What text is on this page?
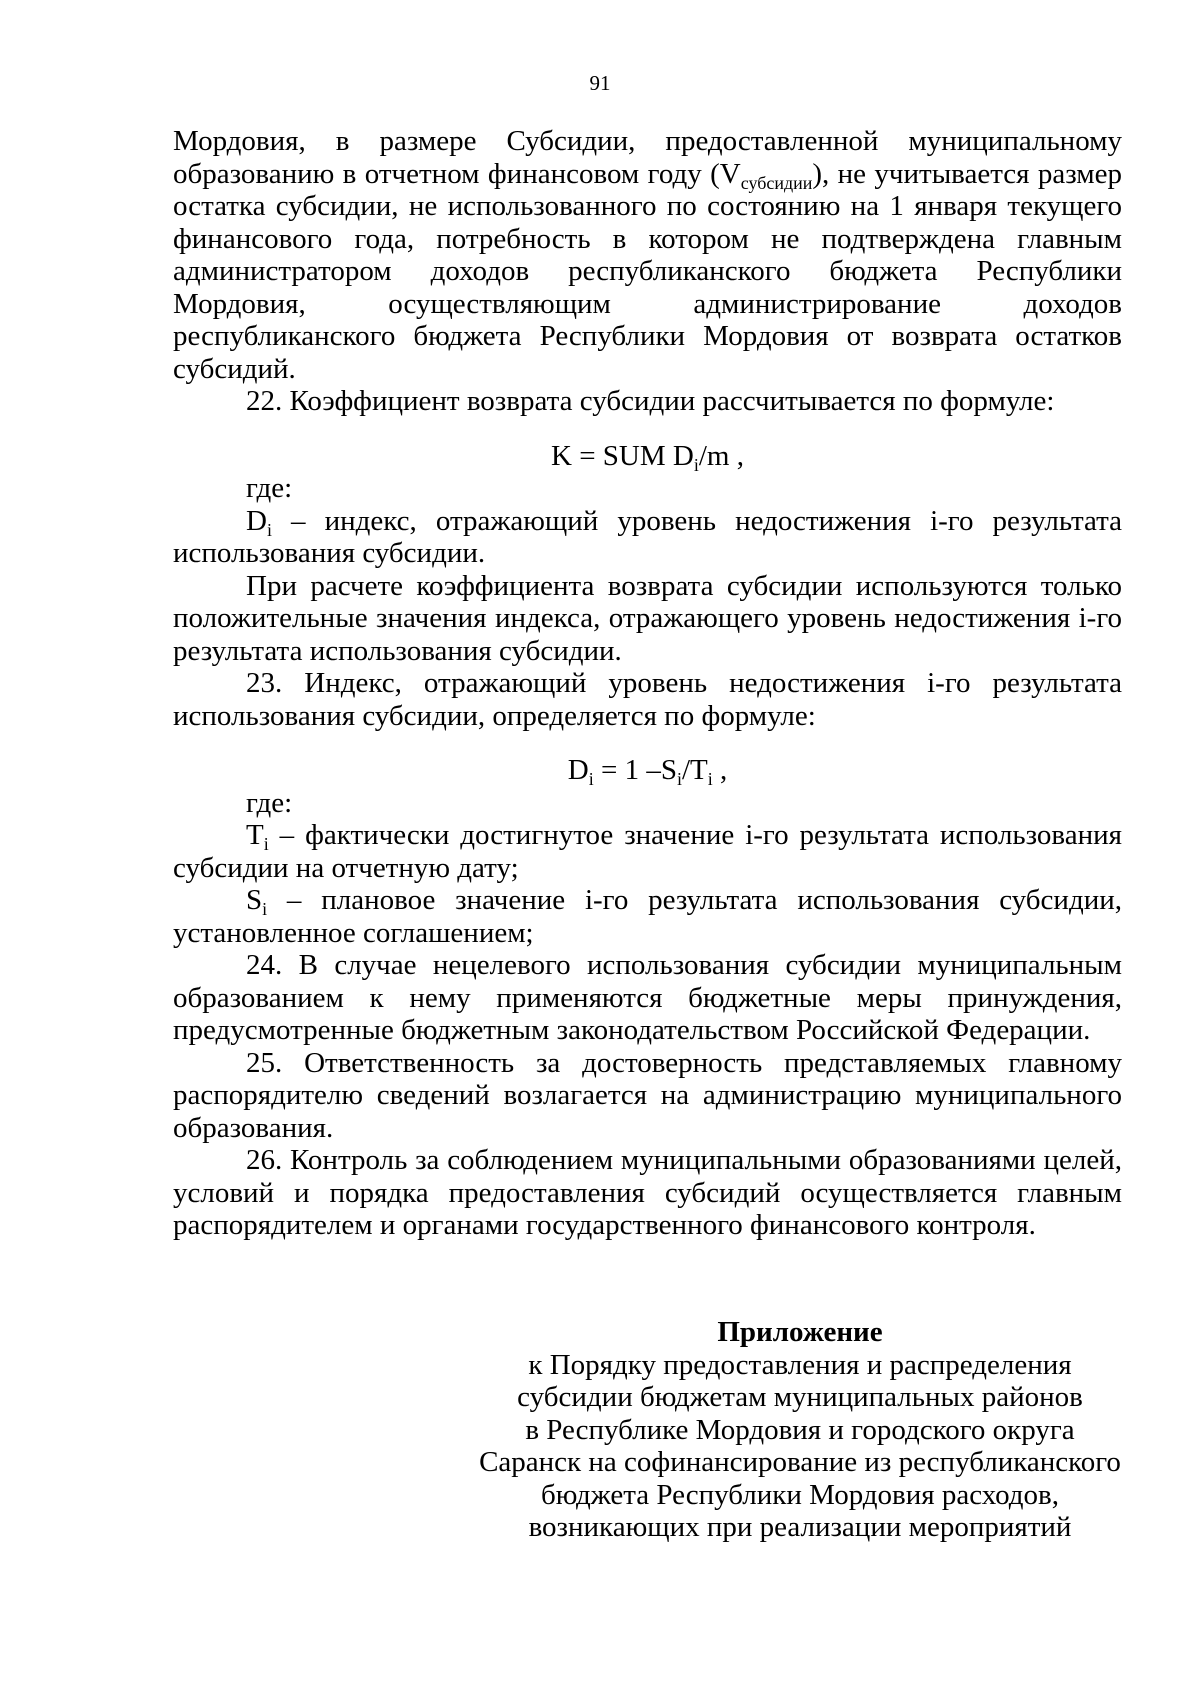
91

Мордовия, в размере Субсидии, предоставленной муниципальному образованию в отчетном финансовом году $(V_{субсидии})$, не учитывается размер остатка субсидии, не использованного по состоянию на 1 января текущего финансового года, потребность в котором не подтверждена главным администратором доходов республиканского бюджета Республики Мордовия, осуществляющим администрирование доходов республиканского бюджета Республики Мордовия от возврата остатков субсидий.

22. Коэффициент возврата субсидии рассчитывается по формуле:

K = SUM $D_i/m$ ,

где:

$D_i$ – индекс, отражающий уровень недостижения i-го результата использования субсидии.

При расчете коэффициента возврата субсидии используются только положительные значения индекса, отражающего уровень недостижения i-го результата использования субсидии.

23. Индекс, отражающий уровень недостижения i-го результата использования субсидии, определяется по формуле:

$D_i = 1$ $-S_i/T_i$ ,

где:

$T_i$ – фактически достигнутое значение i-го результата использования субсидии на отчетную дату;

$S_i$ – плановое значение i-го результата использования субсидии, установленное соглашением;

24. В случае нецелевого использования субсидии муниципальным образованием к нему применяются бюджетные меры принуждения, предусмотренные бюджетным законодательством Российской Федерации.

25. Ответственность за достоверность представляемых главному распорядителю сведений возлагается на администрацию муниципального образования.

26. Контроль за соблюдением муниципальными образованиями целей, условий и порядка предоставления субсидий осуществляется главным распорядителем и органами государственного финансового контроля.

Приложение

к Порядку предоставления и распределения

субсидии бюджетам муниципальных районов

в Республике Мордовия и городского округа

Саранск на софинансирование из республиканского

бюджета Республики Мордовия расходов,

возникающих при реализации мероприятий
